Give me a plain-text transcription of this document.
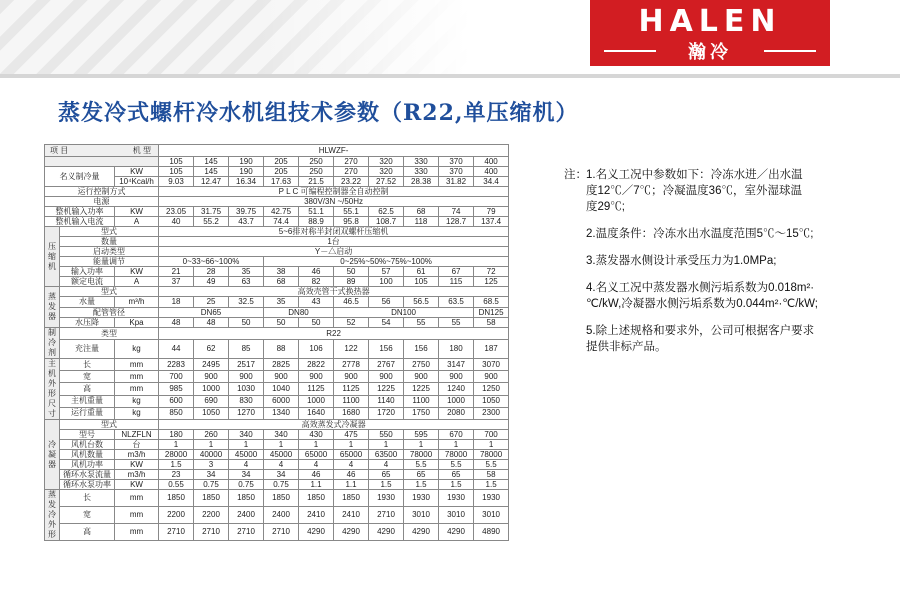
HALEN
瀚冷
蒸发冷式螺杆冷水机组技术参数（R22,单压缩机）
项 目 机 型			HLWZF-									
			105	145	190	205	250	270	320	330	370	400
名义制冷量		KW	105	145	190	205	250	270	320	330	370	400
		10⁴Kcal/h	9.03	12.47	16.34	17.63	21.5	23.22	27.52	28.38	31.82	34.4
运行控制方式			P L C 可编程控制器全自动控制									
电源			380V/3N ~/50Hz									
整机输入功率		KW	23.05	31.75	39.75	42.75	51.1	55.1	62.5	68	74	79
整机输入电流		A	40	55.2	43.7	74.4	88.9	95.8	108.7	118	128.7	137.4
压缩机	型式		5~6排对称半封闭双螺杆压缩机									
	数量		1台									
	启动类型		Y－△启动									
	能量调节		0~33~66~100%			0~25%~50%~75%~100%						
	输入功率	KW	21	28	35	38	46	50	57	61	67	72
	额定电流	A	37	49	63	68	82	89	100	105	115	125
蒸发器	型式		高效壳管干式换热器									
	水量	m³/h	18	25	32.5	35	43	46.5	56	56.5	63.5	68.5
	配管管径		DN65			DN80		DN100				DN125
	水压降	Kpa	48	48	50	50	50	52	54	55	55	58
制冷剂	类型		R22									
	充注量	kg	44	62	85	88	106	122	156	156	180	187
主机外形尺寸	长	mm	2283	2495	2517	2825	2822	2778	2767	2750	3147	3070
	宽	mm	700	900	900	900	900	900	900	900	900	900
	高	mm	985	1000	1030	1040	1125	1125	1225	1225	1240	1250
	主机重量	kg	600	690	830	6000	1000	1100	1140	1100	1000	1050
	运行重量	kg	850	1050	1270	1340	1640	1680	1720	1750	2080	2300
冷凝器	型式		高效蒸发式冷凝器									
	型号	NLZFLN	180	260	340	340	430	475	550	595	670	700
	风机台数	台	1	1	1	1	1	1	1	1	1	1
	风机数量	m3/h	28000	40000	45000	45000	65000	65000	63500	78000	78000	78000
	风机功率	KW	1.5	3	4	4	4	4	4	5.5	5.5	5.5
	循环水泵流量	m3/h	23	34	34	34	46	46	65	65	65	58
	循环水泵功率	KW	0.55	0.75	0.75	0.75	1.1	1.1	1.5	1.5	1.5	1.5
蒸发冷外形	长	mm	1850	1850	1850	1850	1850	1850	1930	1930	1930	1930
	宽	mm	2200	2200	2400	2400	2410	2410	2710	3010	3010	3010
	高	mm	2710	2710	2710	2710	4290	4290	4290	4290	4290	4890
注： 1.名义工况中参数如下：冷冻水进／出水温

度12℃／7℃；冷凝温度36℃，室外湿球温
度29℃;

2.温度条件：冷冻水出水温度范围5℃～15℃;

3.蒸发器水侧设计承受压力为1.0MPa;

4.名义工况中蒸发器水侧污垢系数为0.018m²·
℃/kW,冷凝器水侧污垢系数为0.044m²·℃/kW;

5.除上述规格和要求外，公司可根据客户要求
提供非标产品。
